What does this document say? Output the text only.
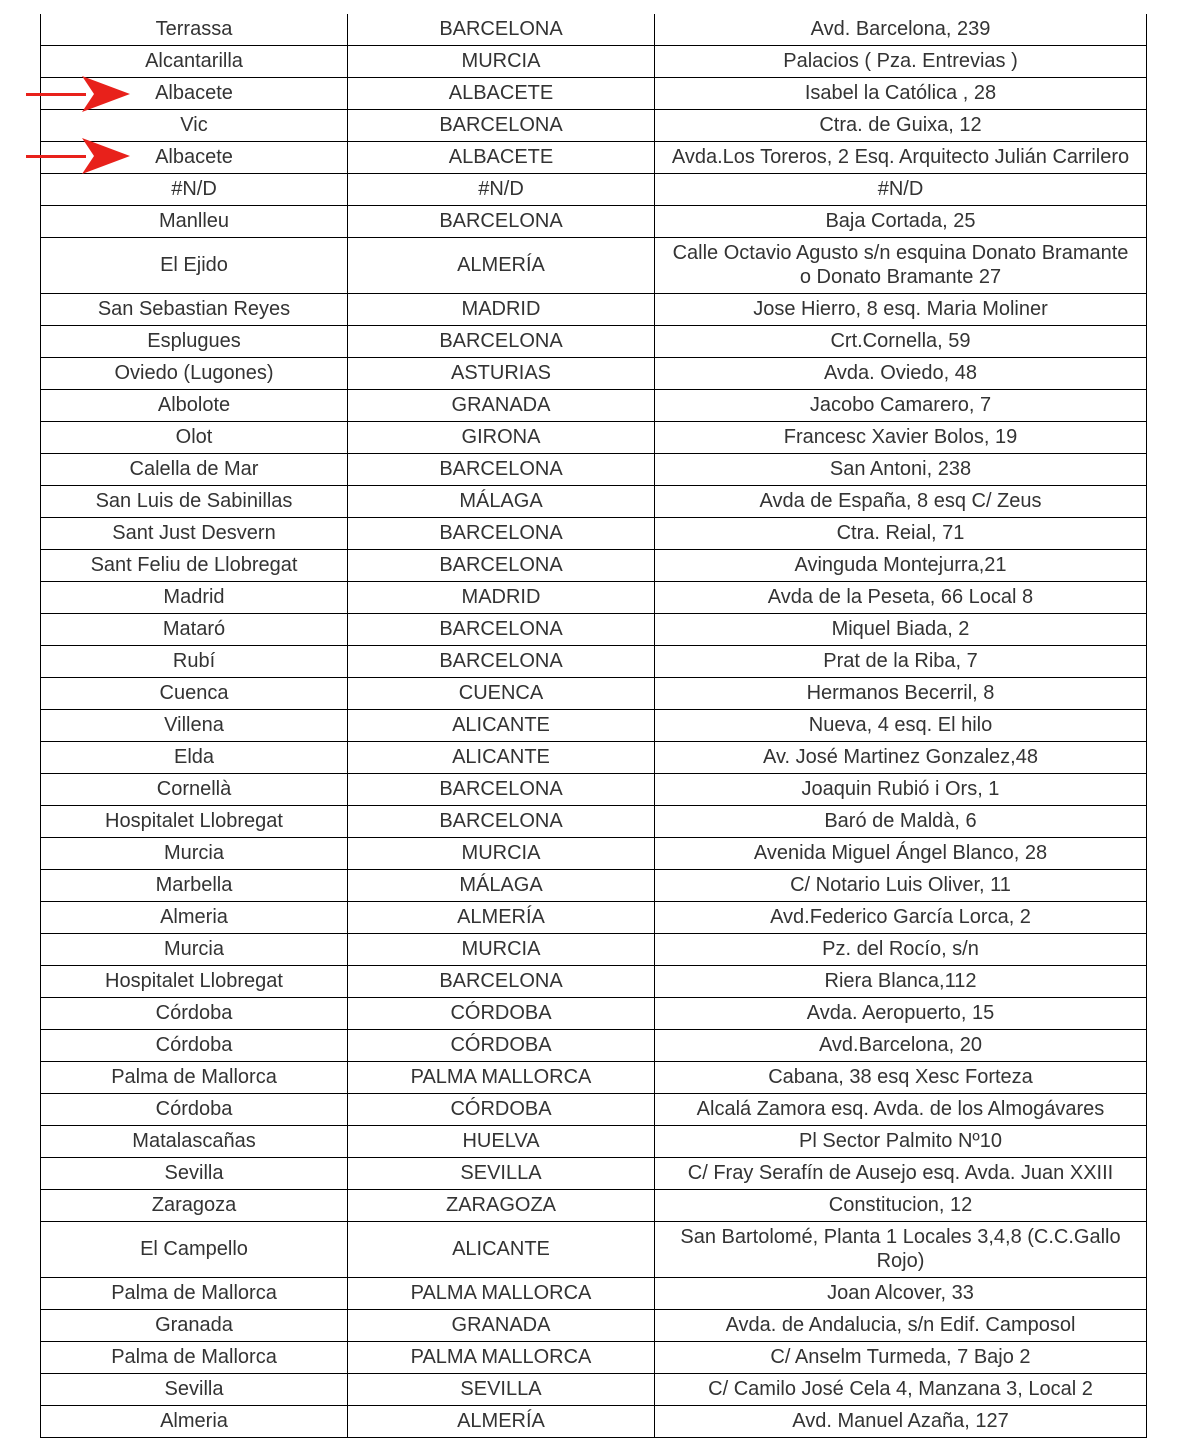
Terrassa	BARCELONA	Avd. Barcelona, 239
Alcantarilla	MURCIA	Palacios ( Pza. Entrevias )
Albacete	ALBACETE	Isabel la Católica , 28
Vic	BARCELONA	Ctra. de Guixa, 12
Albacete	ALBACETE	Avda.Los Toreros, 2 Esq. Arquitecto Julián Carrilero
#N/D	#N/D	#N/D
Manlleu	BARCELONA	Baja Cortada, 25
El Ejido	ALMERÍA	Calle Octavio Agusto s/n esquina Donato Bramante o Donato Bramante 27
San Sebastian Reyes	MADRID	Jose Hierro, 8 esq. Maria Moliner
Esplugues	BARCELONA	Crt.Cornella, 59
Oviedo (Lugones)	ASTURIAS	Avda. Oviedo, 48
Albolote	GRANADA	Jacobo Camarero, 7
Olot	GIRONA	Francesc Xavier Bolos, 19
Calella de Mar	BARCELONA	San Antoni, 238
San Luis de Sabinillas	MÁLAGA	Avda de España, 8 esq C/ Zeus
Sant Just Desvern	BARCELONA	Ctra. Reial, 71
Sant Feliu de Llobregat	BARCELONA	Avinguda Montejurra,21
Madrid	MADRID	Avda de la Peseta, 66 Local 8
Mataró	BARCELONA	Miquel Biada, 2
Rubí	BARCELONA	Prat de la Riba, 7
Cuenca	CUENCA	Hermanos Becerril, 8
Villena	ALICANTE	Nueva, 4 esq. El hilo
Elda	ALICANTE	Av. José Martinez Gonzalez,48
Cornellà	BARCELONA	Joaquin Rubió i Ors, 1
Hospitalet Llobregat	BARCELONA	Baró de Maldà, 6
Murcia	MURCIA	Avenida Miguel Ángel Blanco, 28
Marbella	MÁLAGA	C/ Notario Luis Oliver, 11
Almeria	ALMERÍA	Avd.Federico García Lorca, 2
Murcia	MURCIA	Pz. del Rocío, s/n
Hospitalet Llobregat	BARCELONA	Riera Blanca,112
Córdoba	CÓRDOBA	Avda. Aeropuerto, 15
Córdoba	CÓRDOBA	Avd.Barcelona, 20
Palma de Mallorca	PALMA MALLORCA	Cabana, 38 esq Xesc Forteza
Córdoba	CÓRDOBA	Alcalá Zamora esq. Avda. de los Almogávares
Matalascañas	HUELVA	Pl Sector Palmito Nº10
Sevilla	SEVILLA	C/ Fray Serafín de Ausejo esq. Avda. Juan XXIII
Zaragoza	ZARAGOZA	Constitucion, 12
El Campello	ALICANTE	San Bartolomé, Planta 1 Locales 3,4,8 (C.C.Gallo Rojo)
Palma de Mallorca	PALMA MALLORCA	Joan Alcover, 33
Granada	GRANADA	Avda. de Andalucia, s/n Edif. Camposol
Palma de Mallorca	PALMA MALLORCA	C/ Anselm Turmeda, 7 Bajo 2
Sevilla	SEVILLA	C/ Camilo José Cela 4, Manzana 3, Local 2
Almeria	ALMERÍA	Avd. Manuel Azaña, 127
